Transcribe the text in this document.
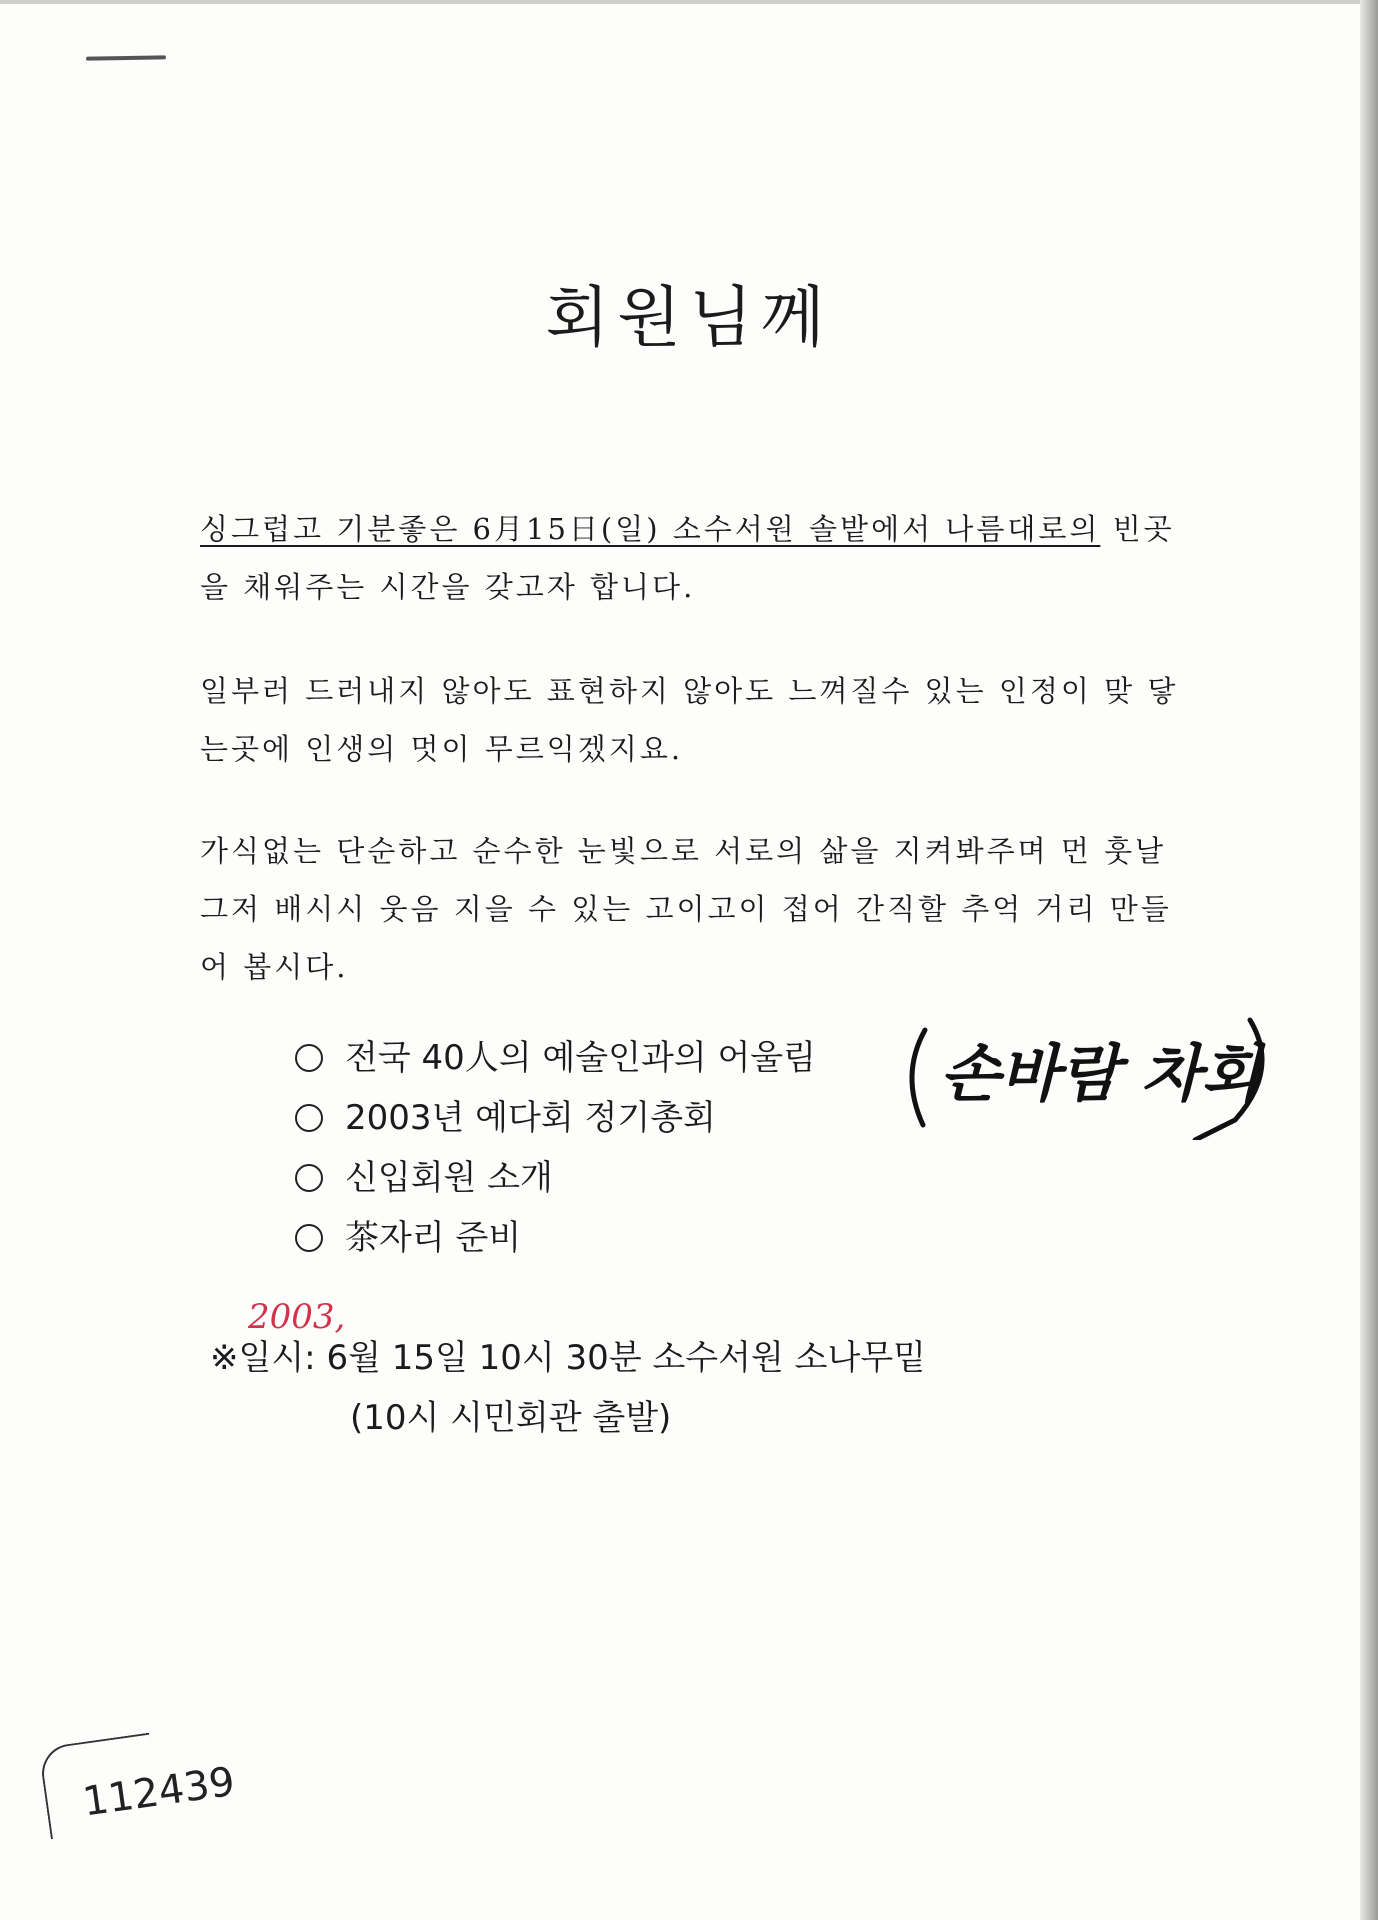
회원님께

싱그럽고 기분좋은 6月15日(일) 소수서원 솔밭에서 나름대로의 빈곳을 채워주는 시간을 갖고자 합니다.

일부러 드러내지 않아도 표현하지 않아도 느껴질수 있는 인정이 맞 닿는곳에 인생의 멋이 무르익겠지요.

가식없는 단순하고 순수한 눈빛으로 서로의 삶을 지켜봐주며 먼 훗날 그저 배시시 웃음 지을 수 있는 고이고이 접어 간직할 추억 거리 만들어 봅시다.

전국 40人의 예술인과의 어울림
2003년 예다회 정기총회
신입회원 소개
茶자리 준비
손바람 차회
2003,
※일시: 6월 15일 10시 30분 소수서원 소나무밑
(10시 시민회관 출발)
112439
